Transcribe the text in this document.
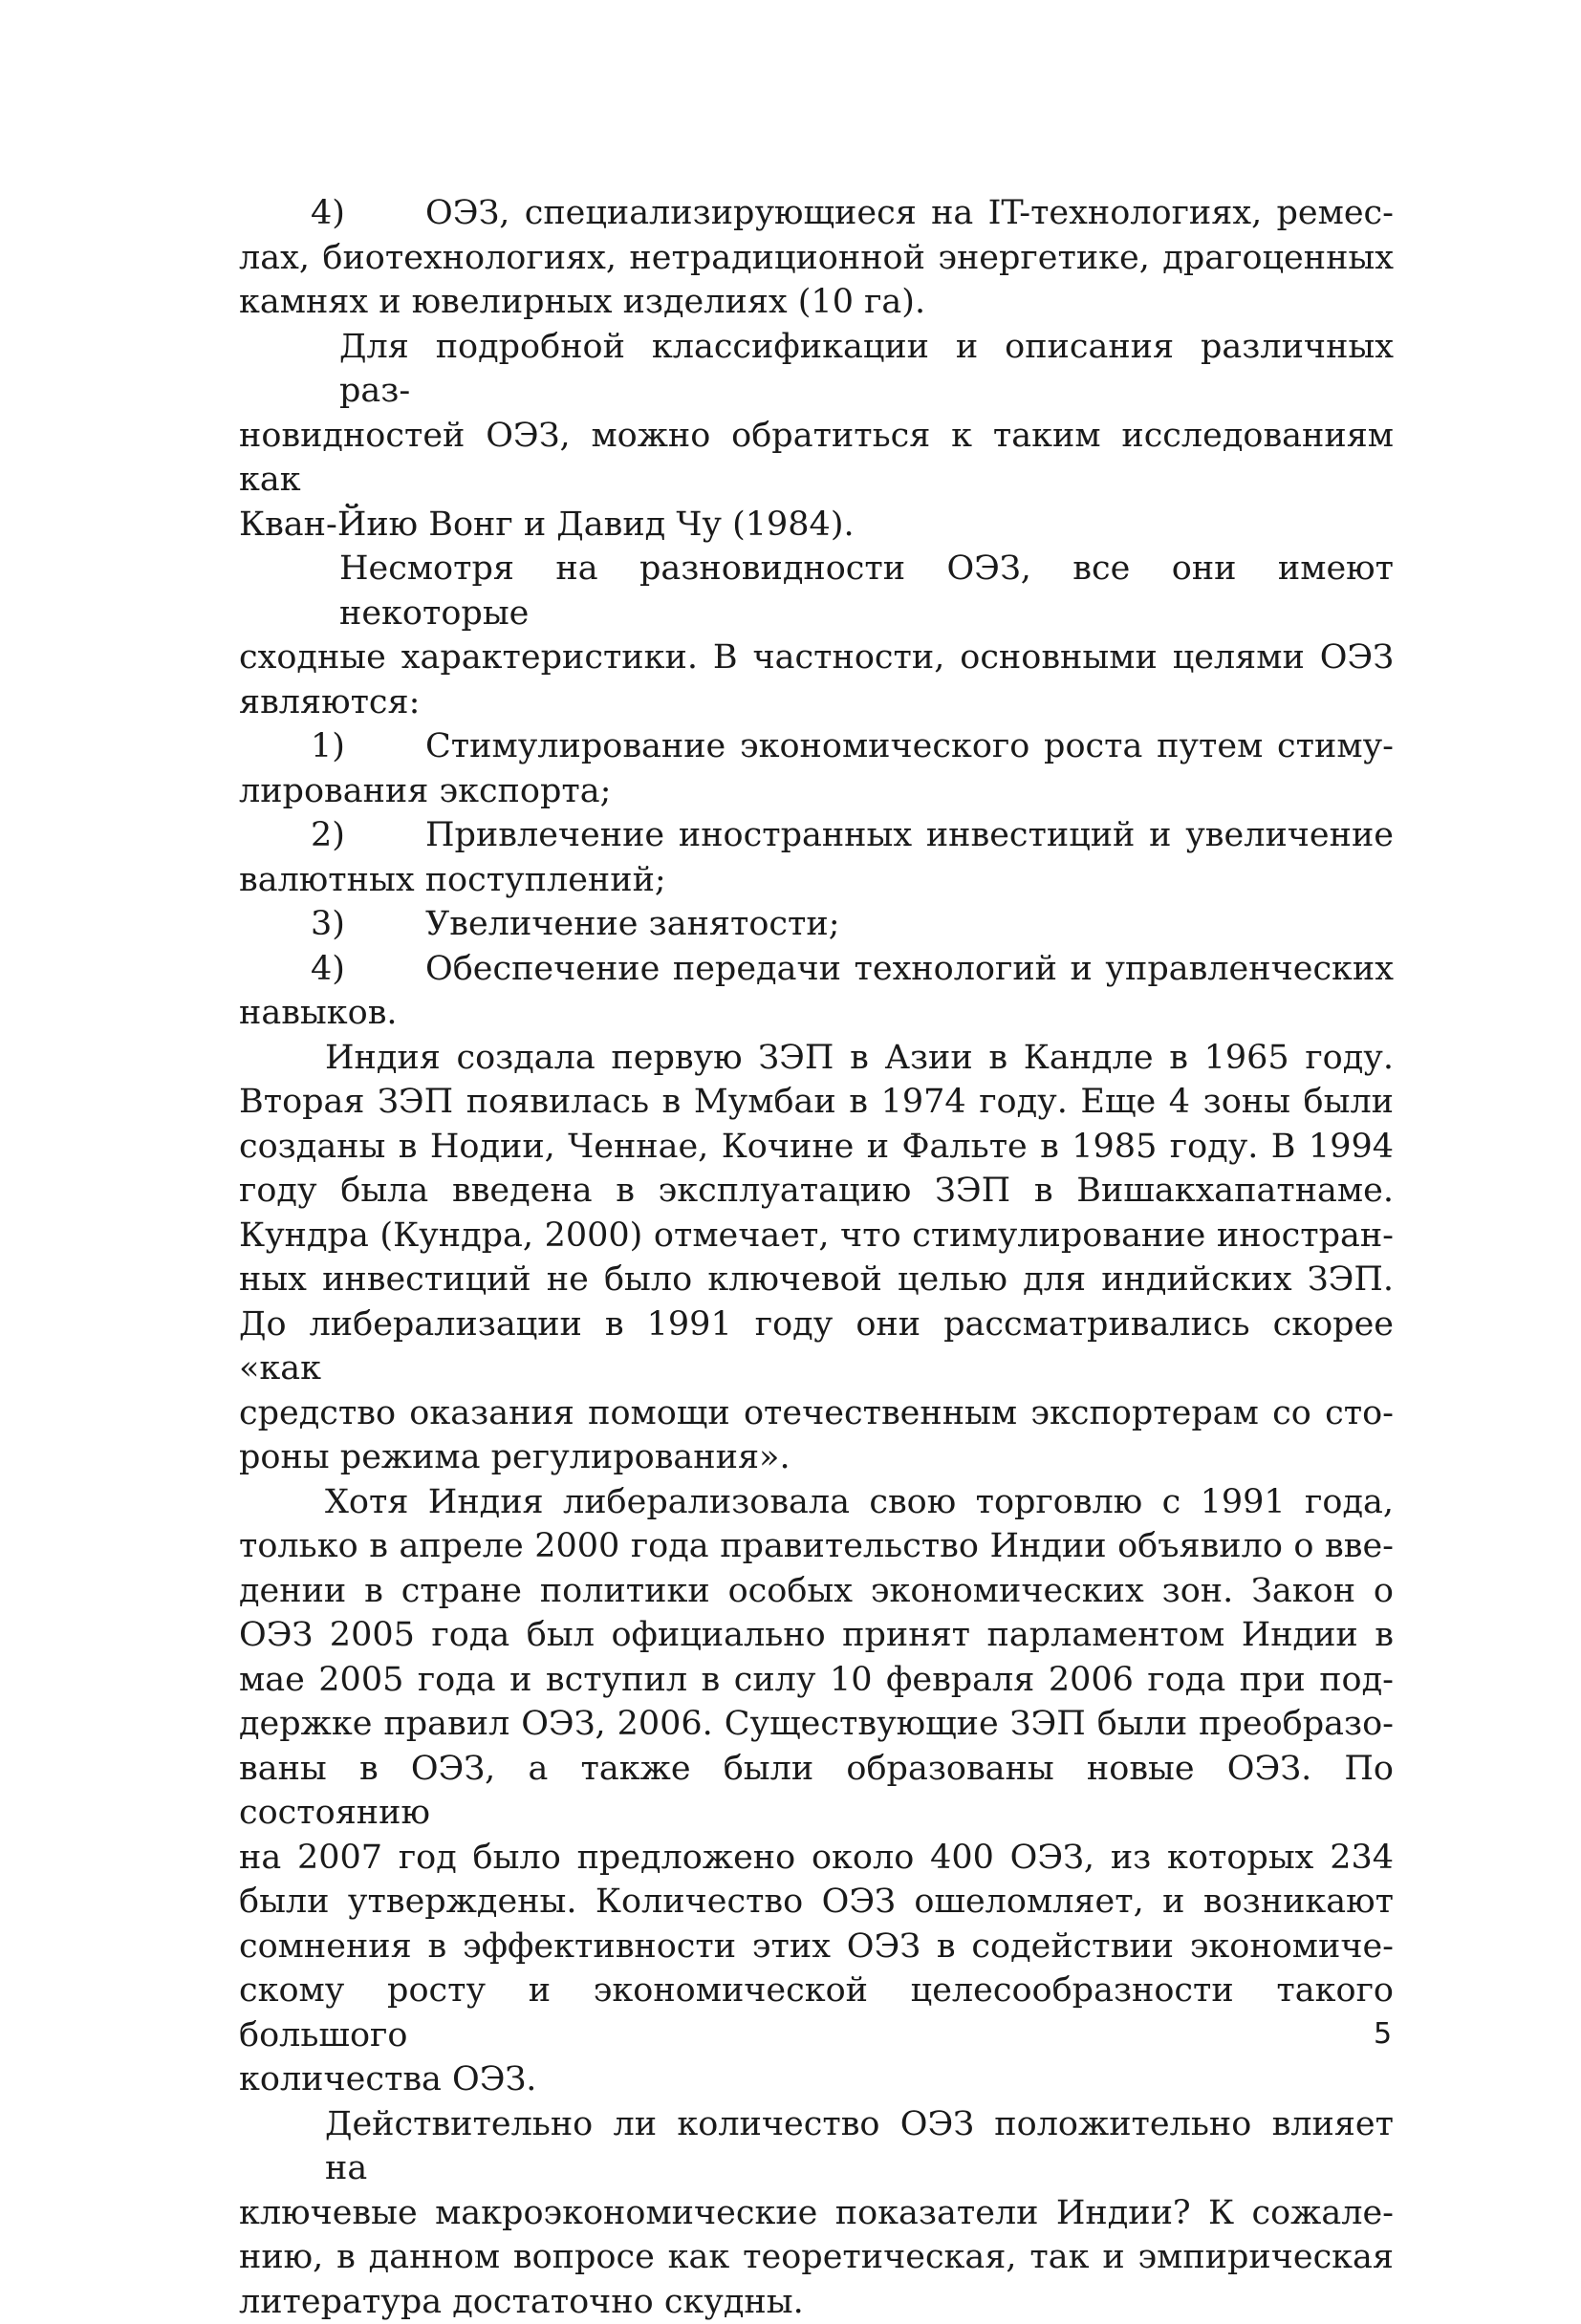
4)	ОЭЗ, специализирующиеся на IT-технологиях, ремес-
лах, биотехнологиях, нетрадиционной энергетике, драгоценных
камнях и ювелирных изделиях (10 га).
Для подробной классификации и описания различных раз-
новидностей ОЭЗ, можно обратиться к таким исследованиям как
Кван-Йию Вонг и Давид Чу (1984).
Несмотря на разновидности ОЭЗ, все они имеют некоторые
сходные характеристики. В частности, основными целями ОЭЗ
являются:
1)	Стимулирование экономического роста путем стиму-
лирования экспорта;
2)	Привлечение иностранных инвестиций и увеличение
валютных поступлений;
3)	Увеличение занятости;
4)	Обеспечение передачи технологий и управленческих
навыков.
Индия создала первую ЗЭП в Азии в Кандле в 1965 году.
Вторая ЗЭП появилась в Мумбаи в 1974 году. Еще 4 зоны были
созданы в Нодии, Ченнае, Кочине и Фальте в 1985 году. В 1994
году была введена в эксплуатацию ЗЭП в Вишакхапатнаме.
Кундра (Кундра, 2000) отмечает, что стимулирование иностран-
ных инвестиций не было ключевой целью для индийских ЗЭП.
До либерализации в 1991 году они рассматривались скорее «как
средство оказания помощи отечественным экспортерам со сто-
роны режима регулирования».
Хотя Индия либерализовала свою торговлю с 1991 года,
только в апреле 2000 года правительство Индии объявило о вве-
дении в стране политики особых экономических зон. Закон о
ОЭЗ 2005 года был официально принят парламентом Индии в
мае 2005 года и вступил в силу 10 февраля 2006 года при под-
держке правил ОЭЗ, 2006. Существующие ЗЭП были преобразо-
ваны в ОЭЗ, а также были образованы новые ОЭЗ. По состоянию
на 2007 год было предложено около 400 ОЭЗ, из которых 234
были утверждены. Количество ОЭЗ ошеломляет, и возникают
сомнения в эффективности этих ОЭЗ в содействии экономиче-
скому росту и экономической целесообразности такого большого
количества ОЭЗ.
Действительно ли количество ОЭЗ положительно влияет на
ключевые макроэкономические показатели Индии? К сожале-
нию, в данном вопросе как теоретическая, так и эмпирическая
литература достаточно скудны.
5
